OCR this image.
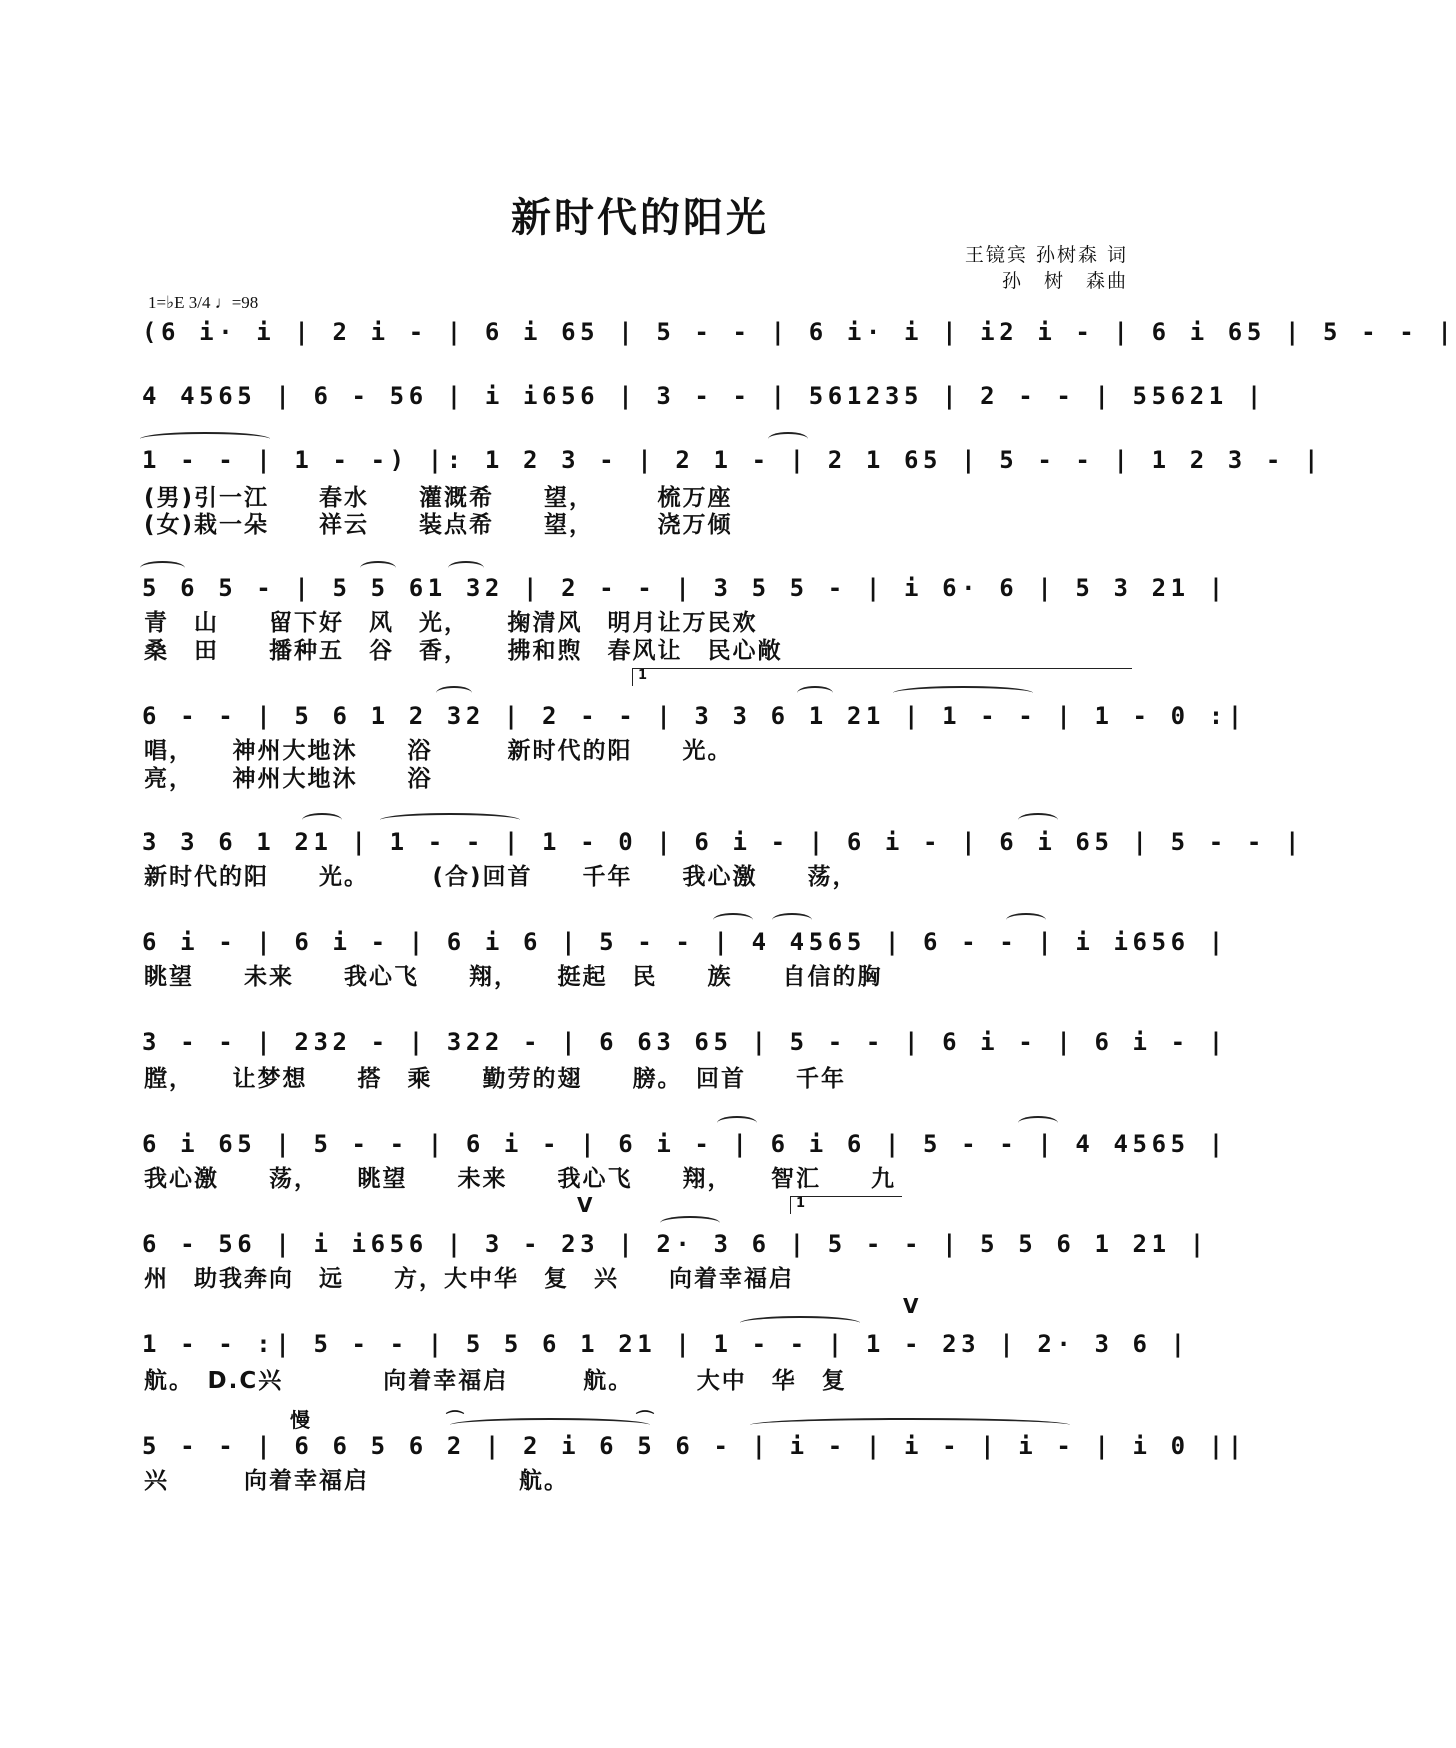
新时代的阳光
王镜宾 孙树森 词
孙　树　森曲
1=♭E 3/4 ♩=98
(6 i· i | 2 i - | 6 i 65 | 5 - - | 6 i· i | i2 i - | 6 i 65 | 5 - - |
4 4565 | 6 - 56 | i i656 | 3 - - | 561235 | 2 - - | 55621 |
1 - - | 1 - -) |: 1 2 3 - | 2 1 - | 2 1 65 | 5 - - | 1 2 3 - |
5 6 5 - | 5 5 61 32 | 2 - - | 3 5 5 - | i 6· 6 | 5 3 21 |
6 - - | 5 6 1 2 32 | 2 - - | 3 3 6 1 21 | 1 - - | 1 - 0 :|
3 3 6 1 21 | 1 - - | 1 - 0 | 6 i - | 6 i - | 6 i 65 | 5 - - |
6 i - | 6 i - | 6 i 6 | 5 - - | 4 4565 | 6 - - | i i656 |
3 - - | 232 - | 322 - | 6 63 65 | 5 - - | 6 i - | 6 i - |
6 i 65 | 5 - - | 6 i - | 6 i - | 6 i 6 | 5 - - | 4 4565 |
6 - 56 | i i656 | 3 - 23 | 2· 3 6 | 5 - - | 5 5 6 1 21 |
1 - - :| 5 - - | 5 5 6 1 21 | 1 - - | 1 - 23 | 2· 3 6 |
5 - - | 6 6 5 6 2 | 2 i 6 5 6 - | i - | i - | i - | i 0 ||
(男)引一江　　春水　　灌溉希　　望，　　　梳万座
(女)栽一朵　　祥云　　装点希　　望，　　　浇万倾
青　山　　留下好　风　光，　　掬清风　明月让万民欢
桑　田　　播种五　谷　香，　　拂和煦　春风让　民心敞
唱，　　神州大地沐　　浴　　　新时代的阳　　光。
亮，　　神州大地沐　　浴
新时代的阳　　光。　　　(合)回首　　千年　　我心激　　荡，
眺望　　未来　　我心飞　　翔，　　挺起　民　　族　　自信的胸
膛，　　让梦想　　搭　乘　　勤劳的翅　　膀。　回首　　千年
我心激　　荡，　　眺望　　未来　　我心飞　　翔，　　智汇　　九
州　助我奔向　远　　方，大中华　复　兴　　向着幸福启
航。　D.C兴　　　　向着幸福启　　　航。　　　大中　华　复
兴　　　向着幸福启　　　　　　航。
1
1
V
V
慢	⌒	⌒
